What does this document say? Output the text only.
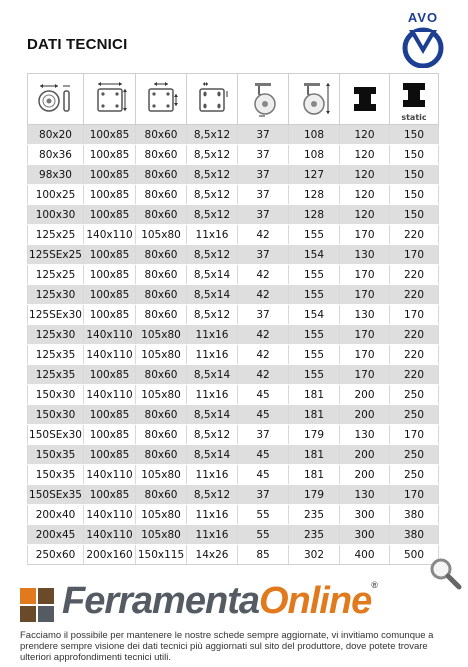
DATI TECNICI
AVO

static

80x20	100x85	80x60	8,5x12	37	108	120	150
80x36	100x85	80x60	8,5x12	37	108	120	150
98x30	100x85	80x60	8,5x12	37	127	120	150
100x25	100x85	80x60	8,5x12	37	128	120	150
100x30	100x85	80x60	8,5x12	37	128	120	150
125x25	140x110	105x80	11x16	42	155	170	220
125SEx25	100x85	80x60	8,5x12	37	154	130	170
125x25	100x85	80x60	8,5x14	42	155	170	220
125x30	100x85	80x60	8,5x14	42	155	170	220
125SEx30	100x85	80x60	8,5x12	37	154	130	170
125x30	140x110	105x80	11x16	42	155	170	220
125x35	140x110	105x80	11x16	42	155	170	220
125x35	100x85	80x60	8,5x14	42	155	170	220
150x30	140x110	105x80	11x16	45	181	200	250
150x30	100x85	80x60	8,5x14	45	181	200	250
150SEx30	100x85	80x60	8,5x12	37	179	130	170
150x35	100x85	80x60	8,5x14	45	181	200	250
150x35	140x110	105x80	11x16	45	181	200	250
150SEx35	100x85	80x60	8,5x12	37	179	130	170
200x40	140x110	105x80	11x16	55	235	300	380
200x45	140x110	105x80	11x16	55	235	300	380
250x60	200x160	150x115	14x26	85	302	400	500
FerramentaOnline®
Facciamo il possibile per mantenere le nostre schede sempre aggiornate, vi invitiamo comunque a prendere sempre visione dei dati tecnici più aggiornati sul sito del produttore, dove potete trovare ulteriori approfondimenti tecnici utili.
